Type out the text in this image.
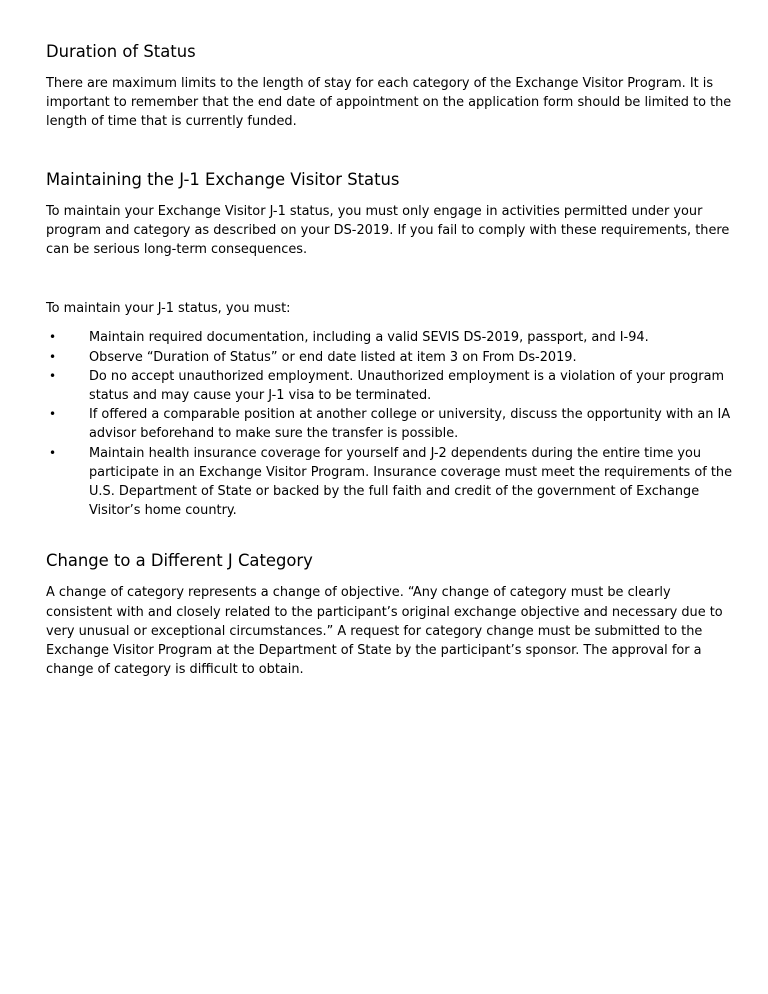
Duration of Status

There are maximum limits to the length of stay for each category of the Exchange Visitor Program. It is important to remember that the end date of appointment on the application form should be limited to the length of time that is currently funded.

Maintaining the J-1 Exchange Visitor Status

To maintain your Exchange Visitor J-1 status, you must only engage in activities permitted under your program and category as described on your DS-2019. If you fail to comply with these requirements, there can be serious long-term consequences.

To maintain your J-1 status, you must:

Maintain required documentation, including a valid SEVIS DS-2019, passport, and I-94.
Observe “Duration of Status” or end date listed at item 3 on From Ds-2019.
Do no accept unauthorized employment. Unauthorized employment is a violation of your program status and may cause your J-1 visa to be terminated.
If offered a comparable position at another college or university, discuss the opportunity with an IA advisor beforehand to make sure the transfer is possible.
Maintain health insurance coverage for yourself and J-2 dependents during the entire time you participate in an Exchange Visitor Program. Insurance coverage must meet the requirements of the U.S. Department of State or backed by the full faith and credit of the government of Exchange Visitor’s home country.
Change to a Different J Category

A change of category represents a change of objective. “Any change of category must be clearly consistent with and closely related to the participant’s original exchange objective and necessary due to very unusual or exceptional circumstances.” A request for category change must be submitted to the Exchange Visitor Program at the Department of State by the participant’s sponsor. The approval for a change of category is difficult to obtain.
